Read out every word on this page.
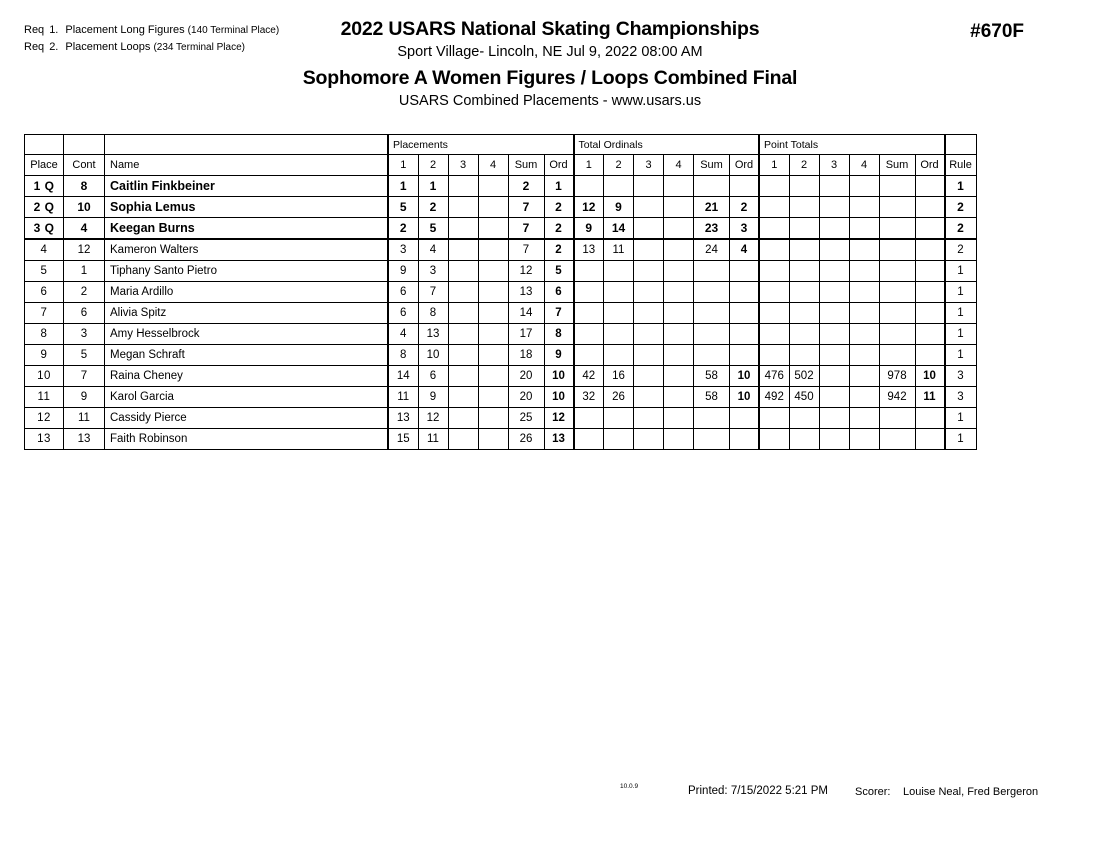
Req 1. Placement Long Figures (140 Terminal Place)
Req 2. Placement Loops (234 Terminal Place)
2022 USARS National Skating Championships
Sport Village- Lincoln, NE Jul 9, 2022 08:00 AM
Sophomore A Women Figures / Loops Combined Final
USARS Combined Placements - www.usars.us
#670F
			Placements						Total Ordinals						Point Totals						
Place	Cont	Name	1	2	3	4	Sum	Ord	1	2	3	4	Sum	Ord	1	2	3	4	Sum	Ord	Rule
1 Q	8	Caitlin Finkbeiner	1	1			2	1													1
2 Q	10	Sophia Lemus	5	2			7	2	12	9			21	2							2
3 Q	4	Keegan Burns	2	5			7	2	9	14			23	3							2
4	12	Kameron Walters	3	4			7	2	13	11			24	4							2
5	1	Tiphany Santo Pietro	9	3			12	5													1
6	2	Maria Ardillo	6	7			13	6													1
7	6	Alivia Spitz	6	8			14	7													1
8	3	Amy Hesselbrock	4	13			17	8													1
9	5	Megan Schraft	8	10			18	9													1
10	7	Raina Cheney	14	6			20	10	42	16			58	10	476	502			978	10	3
11	9	Karol Garcia	11	9			20	10	32	26			58	10	492	450			942	11	3
12	11	Cassidy Pierce	13	12			25	12													1
13	13	Faith Robinson	15	11			26	13													1
10.0.9	Printed: 7/15/2022 5:21 PM Scorer: Louise Neal, Fred Bergeron
